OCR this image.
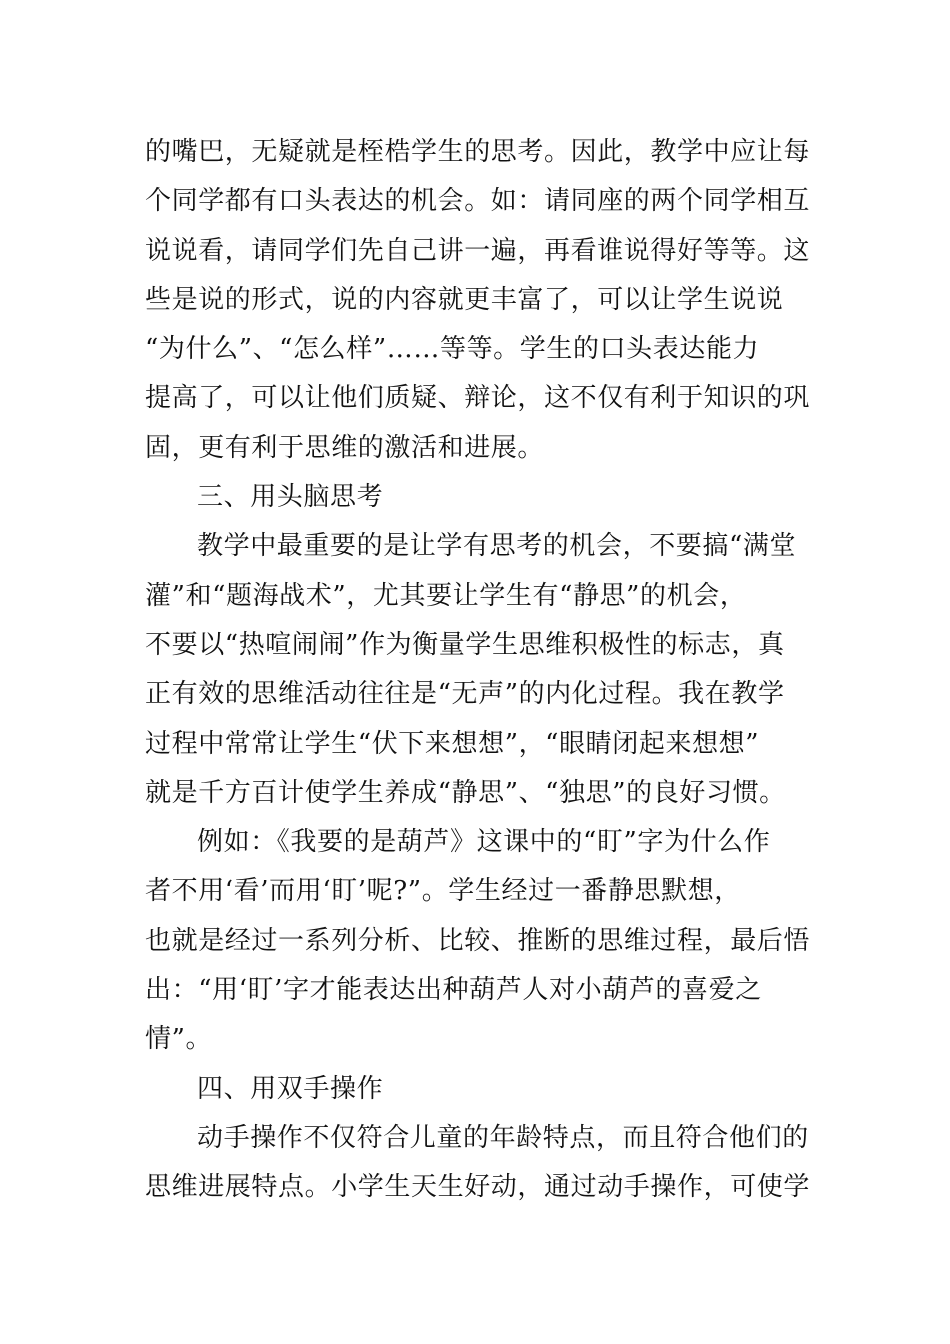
的嘴巴，无疑就是桎梏学生的思考。因此，教学中应让每
个同学都有口头表达的机会。如：请同座的两个同学相互
说说看，请同学们先自己讲一遍，再看谁说得好等等。这
些是说的形式，说的内容就更丰富了，可以让学生说说
“为什么”、“怎么样”……等等。学生的口头表达能力
提高了，可以让他们质疑、辩论，这不仅有利于知识的巩
固，更有利于思维的激活和进展。
三、用头脑思考
教学中最重要的是让学有思考的机会，不要搞“满堂
灌”和“题海战术”，尤其要让学生有“静思”的机会，
不要以“热喧闹闹”作为衡量学生思维积极性的标志，真
正有效的思维活动往往是“无声”的内化过程。我在教学
过程中常常让学生“伏下来想想”，“眼睛闭起来想想”
就是千方百计使学生养成“静思”、“独思”的良好习惯。
例如：《我要的是葫芦》这课中的“盯”字为什么作
者不用‘看’而用‘盯’呢?”。学生经过一番静思默想，
也就是经过一系列分析、比较、推断的思维过程，最后悟
出：“用‘盯’字才能表达出种葫芦人对小葫芦的喜爱之
情”。
四、用双手操作
动手操作不仅符合儿童的年龄特点，而且符合他们的
思维进展特点。小学生天生好动，通过动手操作，可使学
